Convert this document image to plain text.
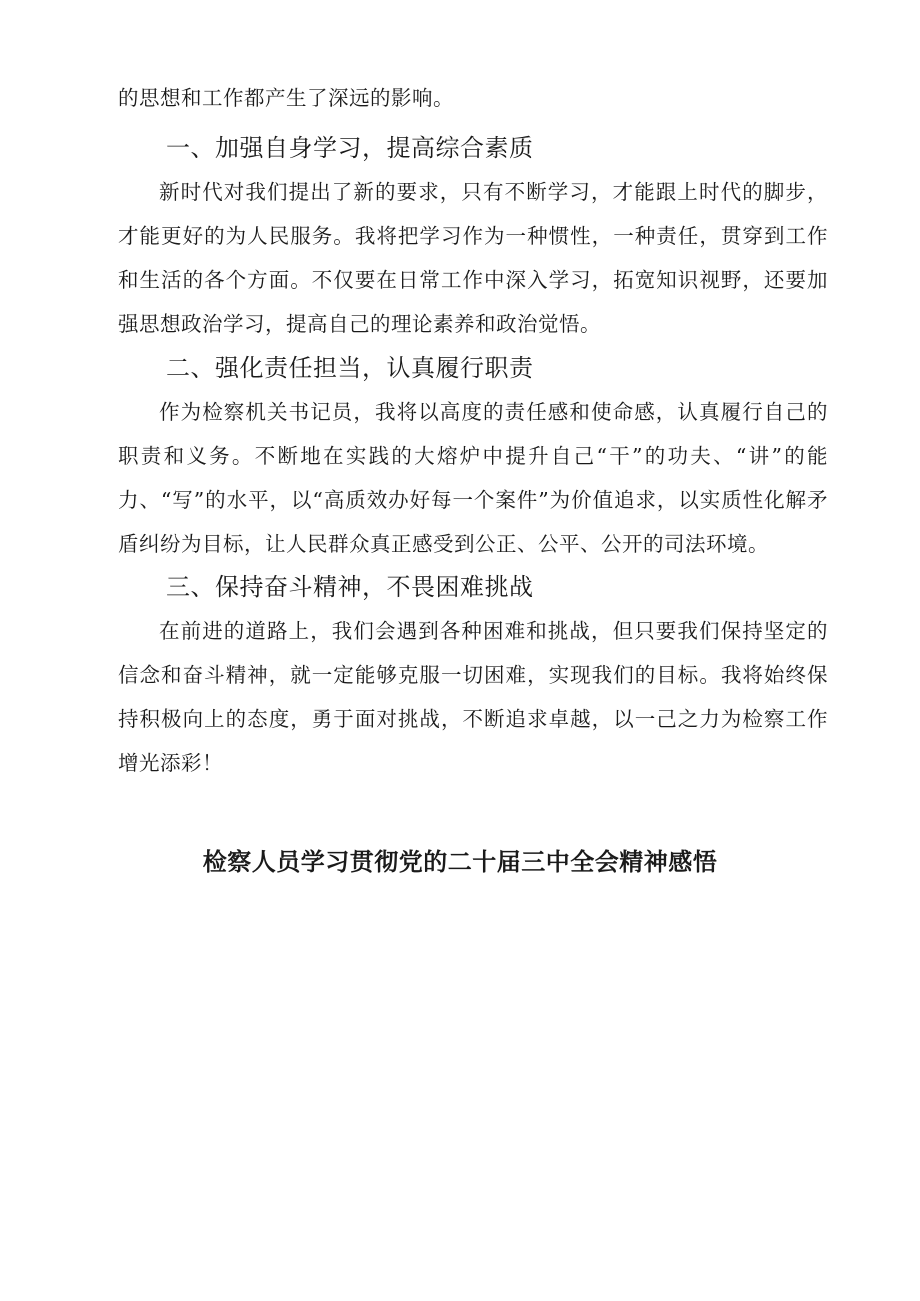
的思想和工作都产生了深远的影响。

一、加强自身学习，提高综合素质

新时代对我们提出了新的要求，只有不断学习，才能跟上时代的脚步，才能更好的为人民服务。我将把学习作为一种惯性，一种责任，贯穿到工作和生活的各个方面。不仅要在日常工作中深入学习，拓宽知识视野，还要加强思想政治学习，提高自己的理论素养和政治觉悟。

二、强化责任担当，认真履行职责

作为检察机关书记员，我将以高度的责任感和使命感，认真履行自己的职责和义务。不断地在实践的大熔炉中提升自己“干”的功夫、“讲”的能力、“写”的水平，以“高质效办好每一个案件”为价值追求，以实质性化解矛盾纠纷为目标，让人民群众真正感受到公正、公平、公开的司法环境。

三、保持奋斗精神，不畏困难挑战

在前进的道路上，我们会遇到各种困难和挑战，但只要我们保持坚定的信念和奋斗精神，就一定能够克服一切困难，实现我们的目标。我将始终保持积极向上的态度，勇于面对挑战，不断追求卓越，以一己之力为检察工作增光添彩！

检察人员学习贯彻党的二十届三中全会精神感悟
